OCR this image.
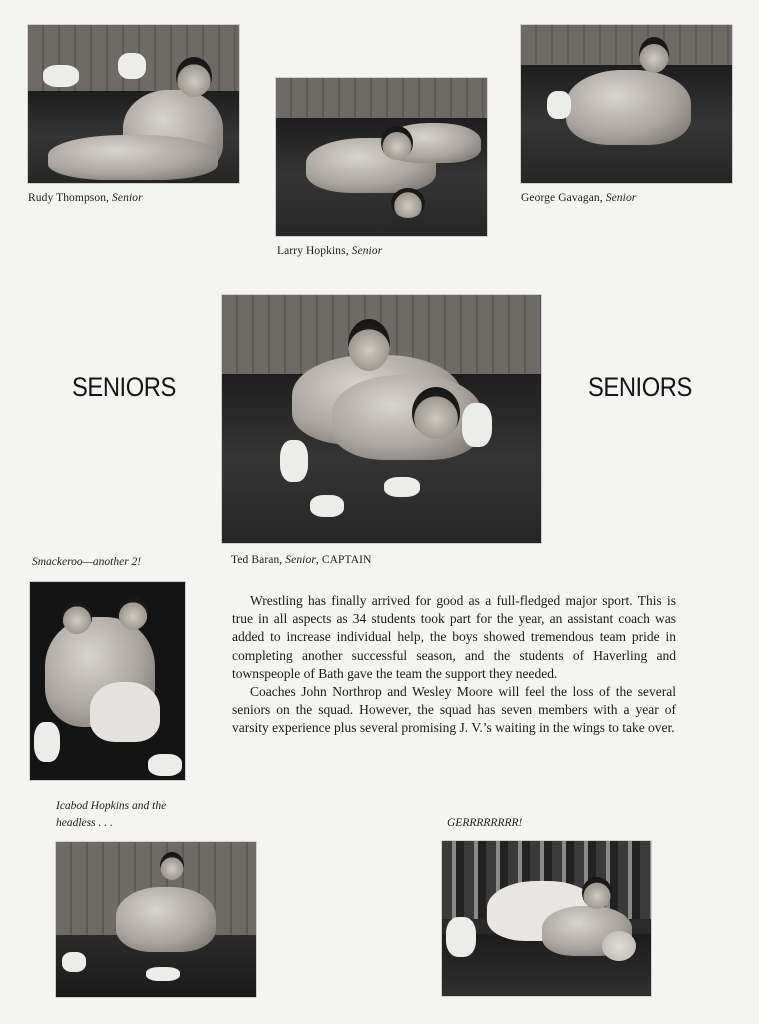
Rudy Thompson, Senior
Larry Hopkins, Senior
George Gavagan, Senior
SENIORS	SENIORS
Ted Baran, Senior, CAPTAIN
Smackeroo—another 2!

Wrestling has finally arrived for good as a full-fledged major sport. This is true in all aspects as 34 students took part for the year, an assistant coach was added to increase individual help, the boys showed tremendous team pride in completing another successful season, and the students of Haverling and townspeople of Bath gave the team the support they needed.

Coaches John Northrop and Wesley Moore will feel the loss of the several seniors on the squad. However, the squad has seven members with a year of varsity experience plus several promising J. V.’s waiting in the wings to take over.

Icabod Hopkins and the
headless . . .	GERRRRRRRR!
